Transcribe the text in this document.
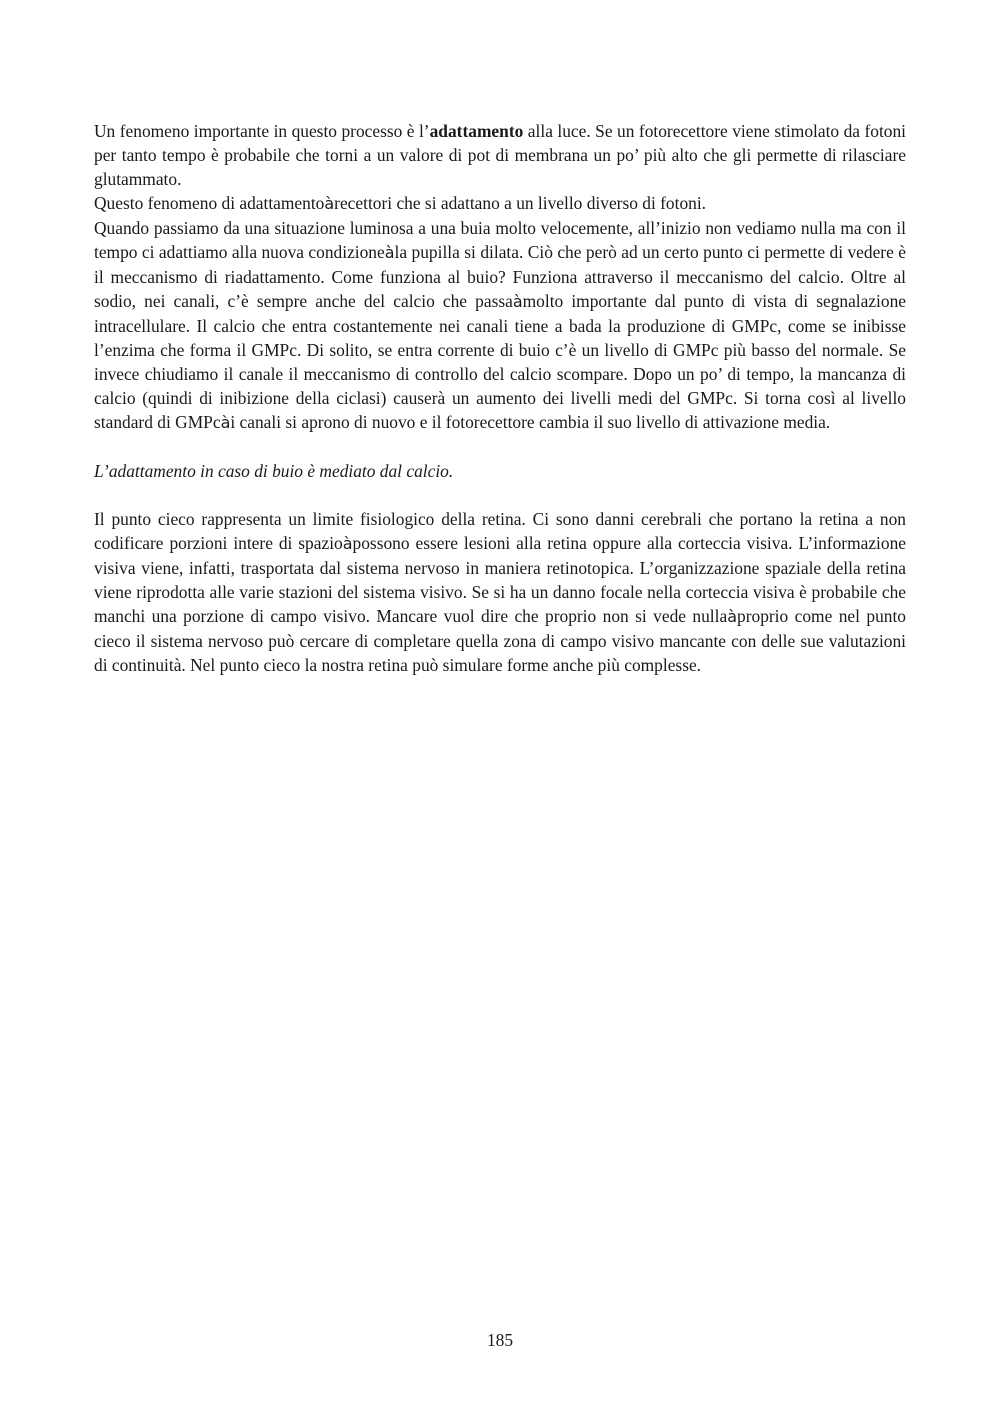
Un fenomeno importante in questo processo è l’adattamento alla luce. Se un fotorecettore viene stimolato da fotoni per tanto tempo è probabile che torni a un valore di pot di membrana un po’ più alto che gli permette di rilasciare glutammato.

Questo fenomeno di adattamentoàrecettori che si adattano a un livello diverso di fotoni.

Quando passiamo da una situazione luminosa a una buia molto velocemente, all’inizio non vediamo nulla ma con il tempo ci adattiamo alla nuova condizioneàla pupilla si dilata. Ciò che però ad un certo punto ci permette di vedere è il meccanismo di riadattamento. Come funziona al buio? Funziona attraverso il meccanismo del calcio. Oltre al sodio, nei canali, c’è sempre anche del calcio che passaàmolto importante dal punto di vista di segnalazione intracellulare. Il calcio che entra costantemente nei canali tiene a bada la produzione di GMPc, come se inibisse l’enzima che forma il GMPc. Di solito, se entra corrente di buio c’è un livello di GMPc più basso del normale. Se invece chiudiamo il canale il meccanismo di controllo del calcio scompare. Dopo un po’ di tempo, la mancanza di calcio (quindi di inibizione della ciclasi) causerà un aumento dei livelli medi del GMPc. Si torna così al livello standard di GMPcài canali si aprono di nuovo e il fotorecettore cambia il suo livello di attivazione media.

L’adattamento in caso di buio è mediato dal calcio.

Il punto cieco rappresenta un limite fisiologico della retina. Ci sono danni cerebrali che portano la retina a non codificare porzioni intere di spazioàpossono essere lesioni alla retina oppure alla corteccia visiva. L’informazione visiva viene, infatti, trasportata dal sistema nervoso in maniera retinotopica. L’organizzazione spaziale della retina viene riprodotta alle varie stazioni del sistema visivo. Se si ha un danno focale nella corteccia visiva è probabile che manchi una porzione di campo visivo. Mancare vuol dire che proprio non si vede nullaàproprio come nel punto cieco il sistema nervoso può cercare di completare quella zona di campo visivo mancante con delle sue valutazioni di continuità. Nel punto cieco la nostra retina può simulare forme anche più complesse.

185
